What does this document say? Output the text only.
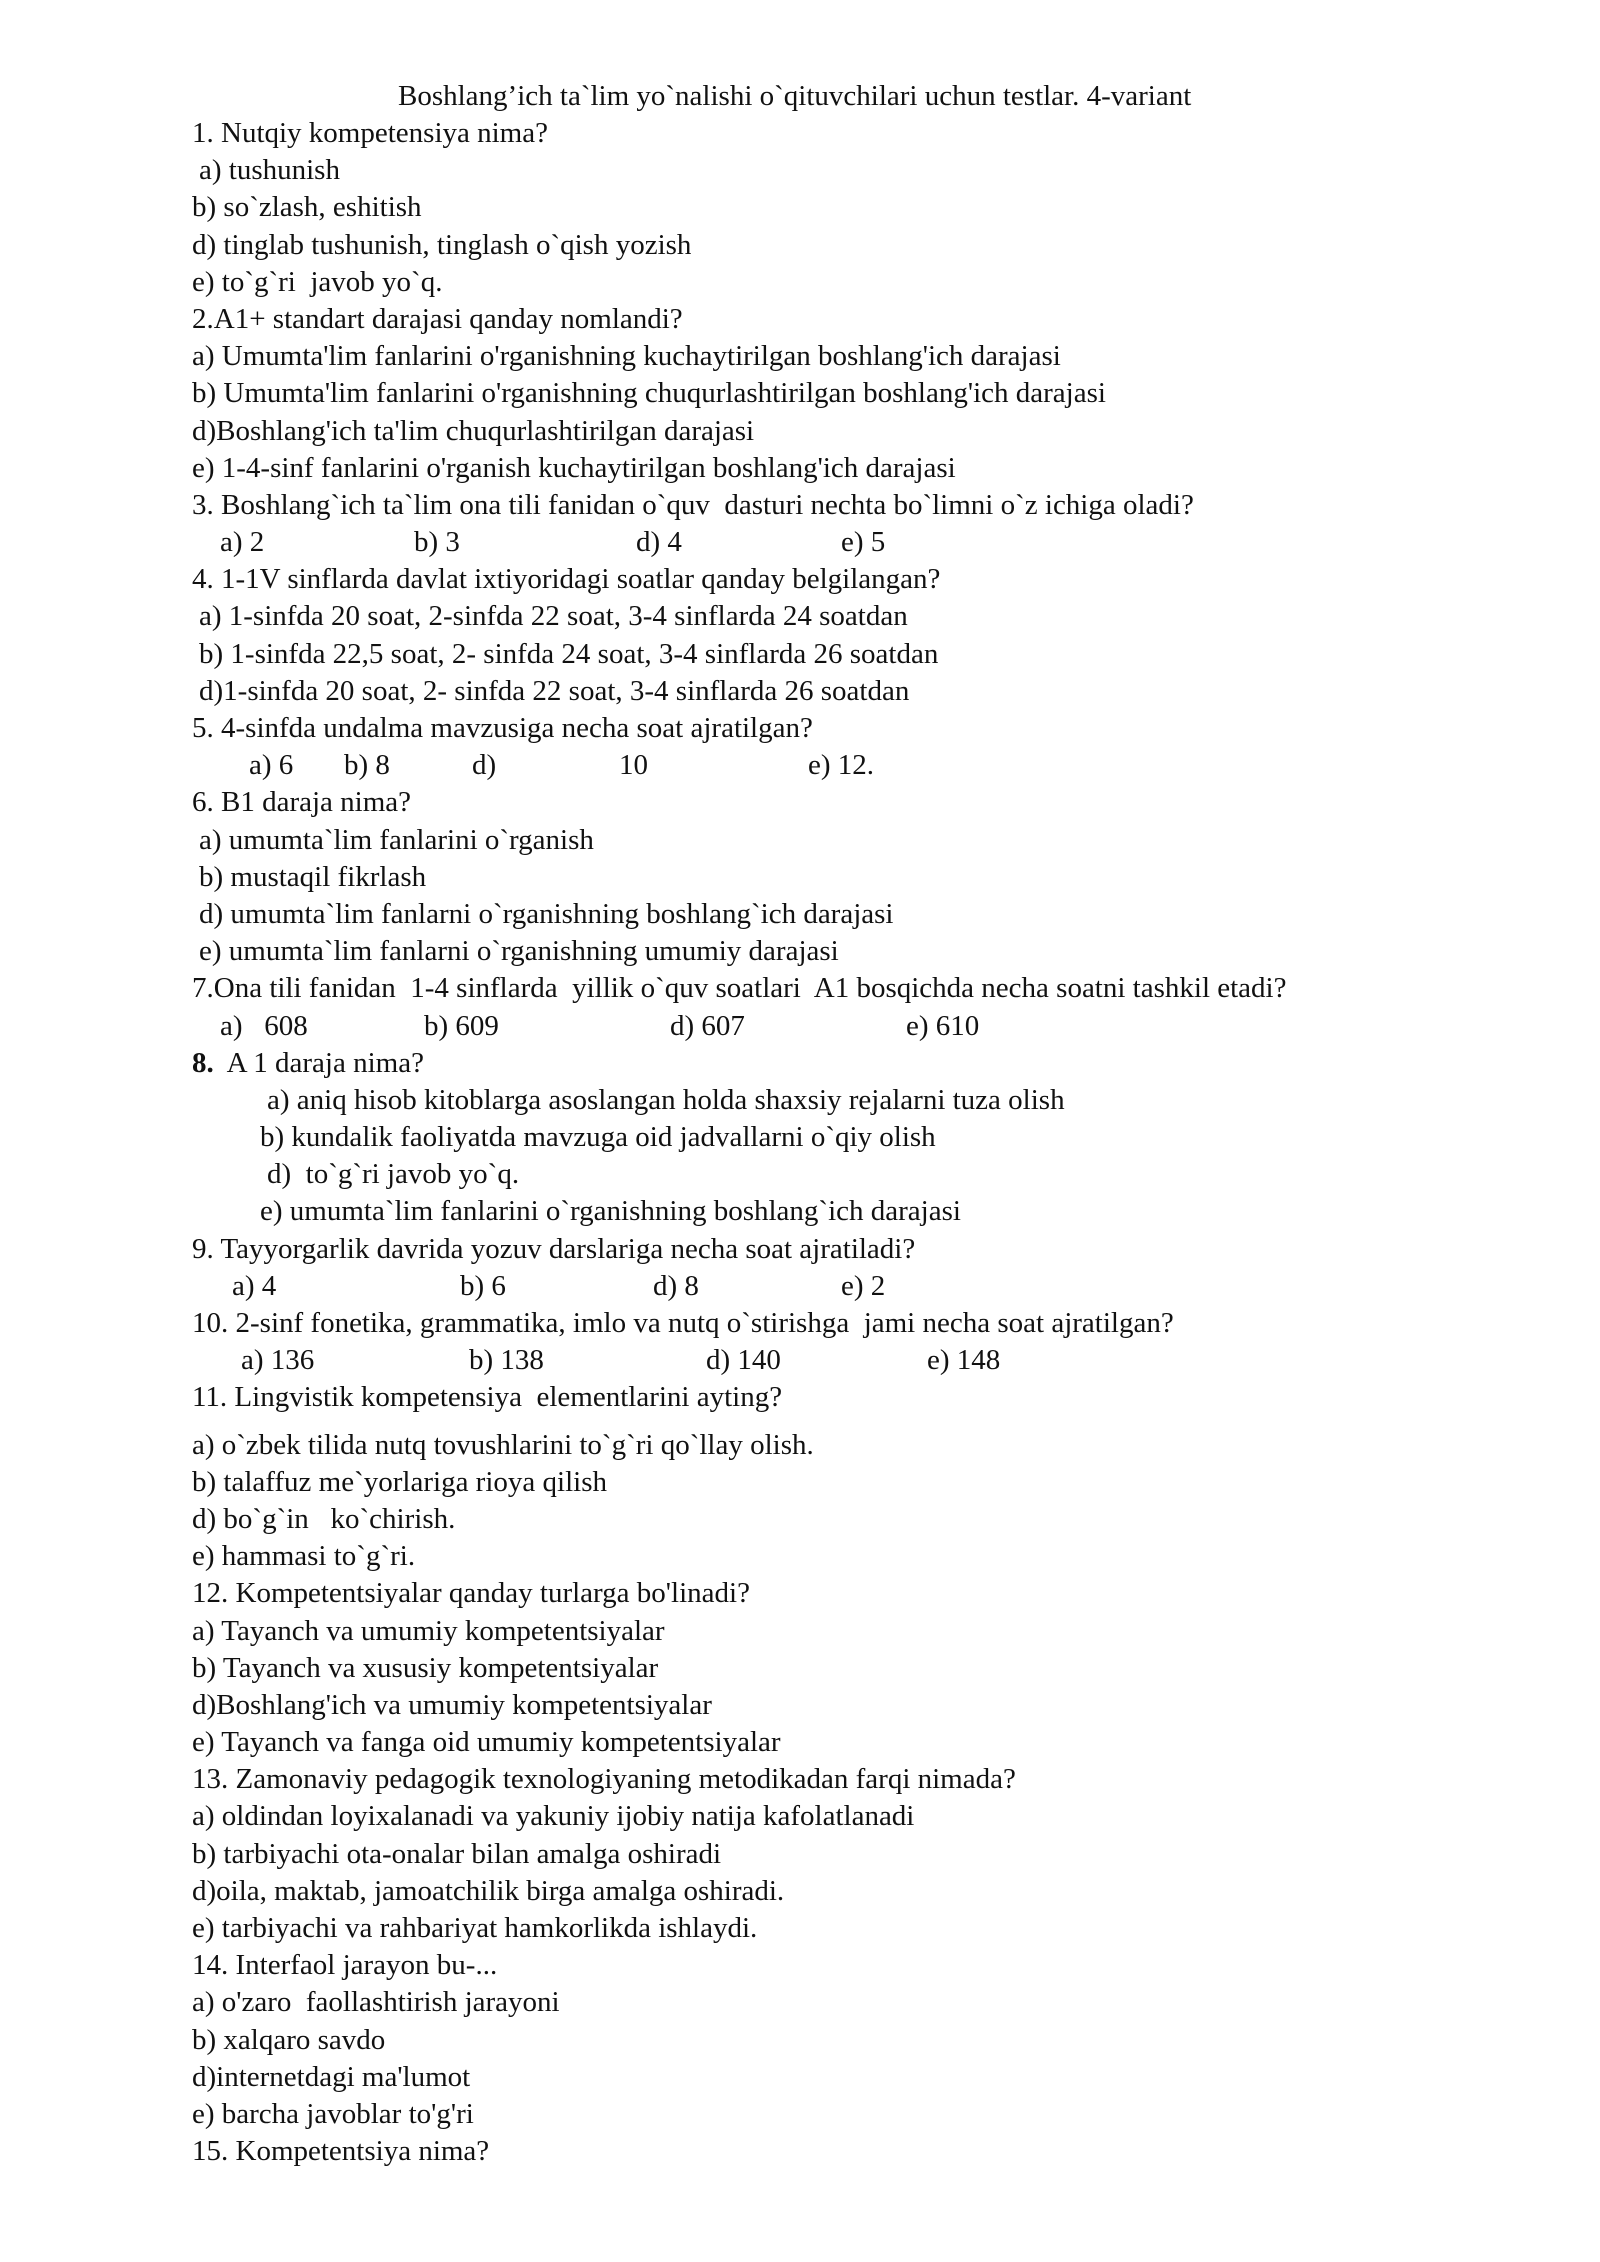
Boshlang’ich ta`lim yo`nalishi o`qituvchilari uchun testlar. 4-variant
1. Nutqiy kompetensiya nima?
a) tushunish
b) so`zlash, eshitish
d) tinglab tushunish, tinglash o`qish yozish
e) to`g`ri  javob yo`q.
2.A1+ standart darajasi qanday nomlandi?
a) Umumta'lim fanlarini o'rganishning kuchaytirilgan boshlang'ich darajasi
b) Umumta'lim fanlarini o'rganishning chuqurlashtirilgan boshlang'ich darajasi
d)Boshlang'ich ta'lim chuqurlashtirilgan darajasi
e) 1-4-sinf fanlarini o'rganish kuchaytirilgan boshlang'ich darajasi
3. Boshlang`ich ta`lim ona tili fanidan o`quv  dasturi nechta bo`limni o`z ichiga oladi?
a) 2	b) 3	d) 4	e) 5
4. 1-1V sinflarda davlat ixtiyoridagi soatlar qanday belgilangan?
a) 1-sinfda 20 soat, 2-sinfda 22 soat, 3-4 sinflarda 24 soatdan
b) 1-sinfda 22,5 soat, 2- sinfda 24 soat, 3-4 sinflarda 26 soatdan
d)1-sinfda 20 soat, 2- sinfda 22 soat, 3-4 sinflarda 26 soatdan
5. 4-sinfda undalma mavzusiga necha soat ajratilgan?
a) 6	b) 8	d)	10	e) 12.
6. B1 daraja nima?
a) umumta`lim fanlarini o`rganish
b) mustaqil fikrlash
d) umumta`lim fanlarni o`rganishning boshlang`ich darajasi
e) umumta`lim fanlarni o`rganishning umumiy darajasi
7.Ona tili fanidan  1-4 sinflarda  yillik o`quv soatlari  A1 bosqichda necha soatni tashkil etadi?
a)   608	b) 609	d) 607	e) 610
8. A 1 daraja nima?
a) aniq hisob kitoblarga asoslangan holda shaxsiy rejalarni tuza olish
b) kundalik faoliyatda mavzuga oid jadvallarni o`qiy olish
d)  to`g`ri javob yo`q.
e) umumta`lim fanlarini o`rganishning boshlang`ich darajasi
9. Tayyorgarlik davrida yozuv darslariga necha soat ajratiladi?
a) 4	b) 6	d) 8	e) 2
10. 2-sinf fonetika, grammatika, imlo va nutq o`stirishga  jami necha soat ajratilgan?
a) 136	b) 138	d) 140	e) 148
11. Lingvistik kompetensiya  elementlarini ayting?
a) o`zbek tilida nutq tovushlarini to`g`ri qo`llay olish.
b) talaffuz me`yorlariga rioya qilish
d) bo`g`in   ko`chirish.
e) hammasi to`g`ri.
12. Kompetentsiyalar qanday turlarga bo'linadi?
a) Tayanch va umumiy kompetentsiyalar
b) Tayanch va xususiy kompetentsiyalar
d)Boshlang'ich va umumiy kompetentsiyalar
e) Tayanch va fanga oid umumiy kompetentsiyalar
13. Zamonaviy pedagogik texnologiyaning metodikadan farqi nimada?
a) oldindan loyixalanadi va yakuniy ijobiy natija kafolatlanadi
b) tarbiyachi ota-onalar bilan amalga oshiradi
d)oila, maktab, jamoatchilik birga amalga oshiradi.
e) tarbiyachi va rahbariyat hamkorlikda ishlaydi.
14. Interfaol jarayon bu-...
a) o'zaro  faollashtirish jarayoni
b) xalqaro savdo
d)internetdagi ma'lumot
e) barcha javoblar to'g'ri
15. Kompetentsiya nima?
